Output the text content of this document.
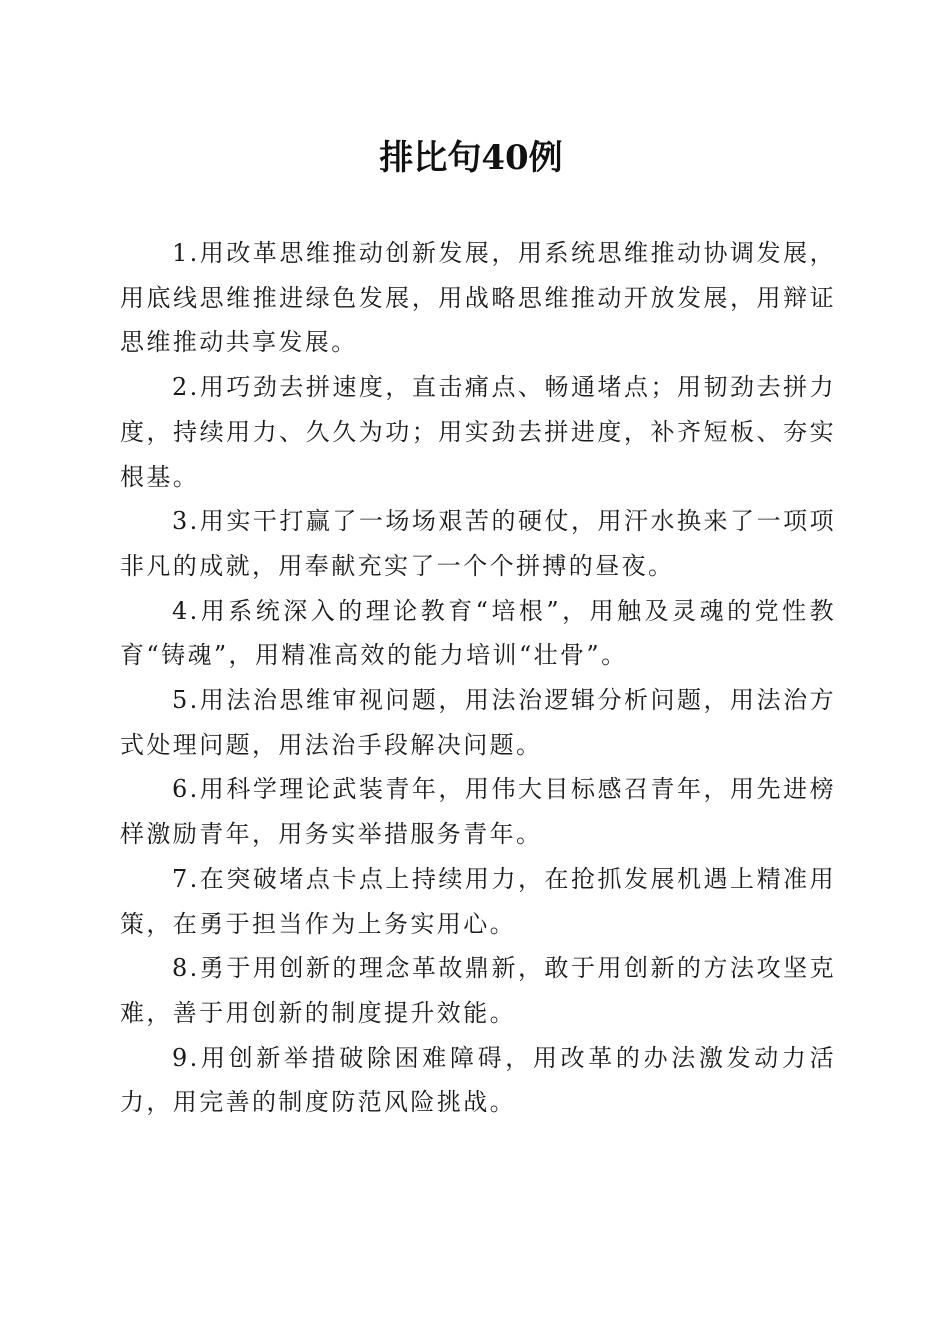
排比句40例

1.用改革思维推动创新发展，用系统思维推动协调发展，用底线思维推进绿色发展，用战略思维推动开放发展，用辩证思维推动共享发展。

2.用巧劲去拼速度，直击痛点、畅通堵点；用韧劲去拼力度，持续用力、久久为功；用实劲去拼进度，补齐短板、夯实根基。

3.用实干打赢了一场场艰苦的硬仗，用汗水换来了一项项非凡的成就，用奉献充实了一个个拼搏的昼夜。

4.用系统深入的理论教育“培根”，用触及灵魂的党性教育“铸魂”，用精准高效的能力培训“壮骨”。

5.用法治思维审视问题，用法治逻辑分析问题，用法治方式处理问题，用法治手段解决问题。

6.用科学理论武装青年，用伟大目标感召青年，用先进榜样激励青年，用务实举措服务青年。

7.在突破堵点卡点上持续用力，在抢抓发展机遇上精准用策，在勇于担当作为上务实用心。

8.勇于用创新的理念革故鼎新，敢于用创新的方法攻坚克难，善于用创新的制度提升效能。

9.用创新举措破除困难障碍，用改革的办法激发动力活力，用完善的制度防范风险挑战。
